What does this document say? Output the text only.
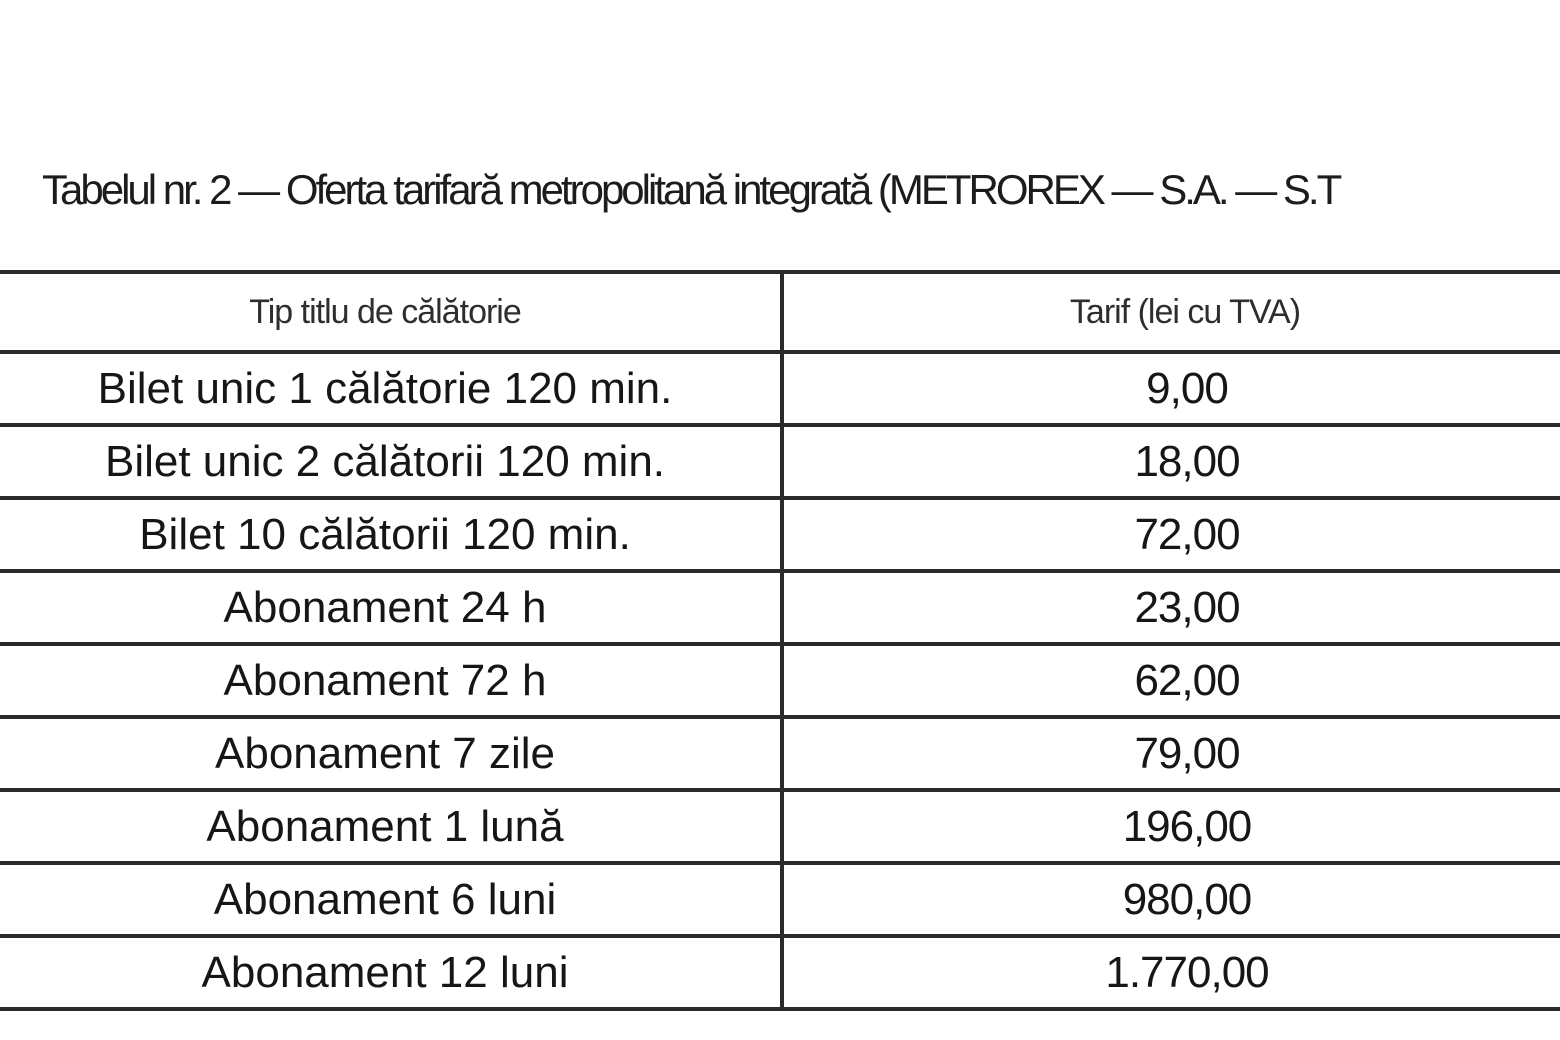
Tabelul nr. 2 — Oferta tarifară metropolitană integrată (METROREX — S.A. — S.T
Tip titlu de călătorie	Tarif (lei cu TVA)
Bilet unic 1 călătorie 120 min.	9,00
Bilet unic 2 călătorii 120 min.	18,00
Bilet 10 călătorii 120 min.	72,00
Abonament 24 h	23,00
Abonament 72 h	62,00
Abonament 7 zile	79,00
Abonament 1 lună	196,00
Abonament 6 luni	980,00
Abonament 12 luni	1.770,00
